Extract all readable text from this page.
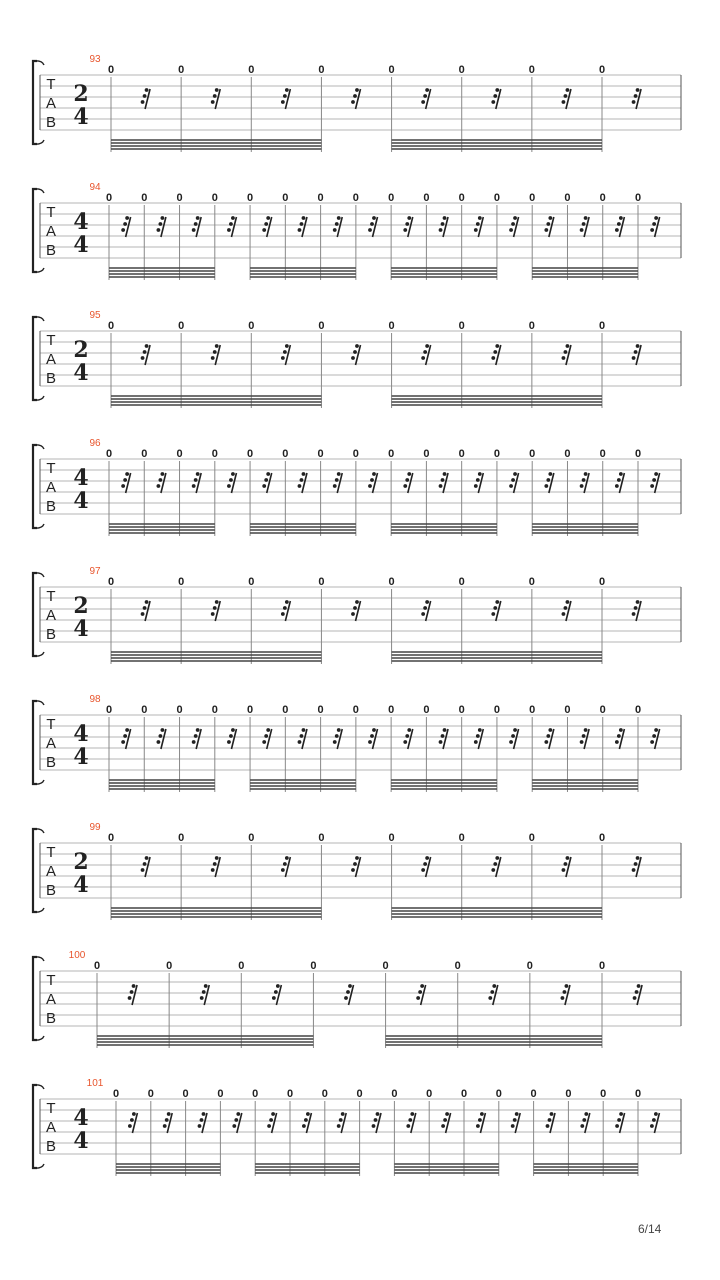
T
A
B
2
4
93
0	0	0	0	0	0	0	0
T
A
B
4
4
94
0	0	0	0	0	0	0	0	0	0	0	0	0	0	0	0
T
A
B
2
4
95
0	0	0	0	0	0	0	0
T
A
B
4
4
96
0	0	0	0	0	0	0	0	0	0	0	0	0	0	0	0
T
A
B
2
4
97
0	0	0	0	0	0	0	0
T
A
B
4
4
98
0	0	0	0	0	0	0	0	0	0	0	0	0	0	0	0
T
A
B
2
4
99
0	0	0	0	0	0	0	0
T
A
B
100
0	0	0	0	0	0	0	0
T
A
B
4
4
101
0	0	0	0	0	0	0	0	0	0	0	0	0	0	0	0
6/14
